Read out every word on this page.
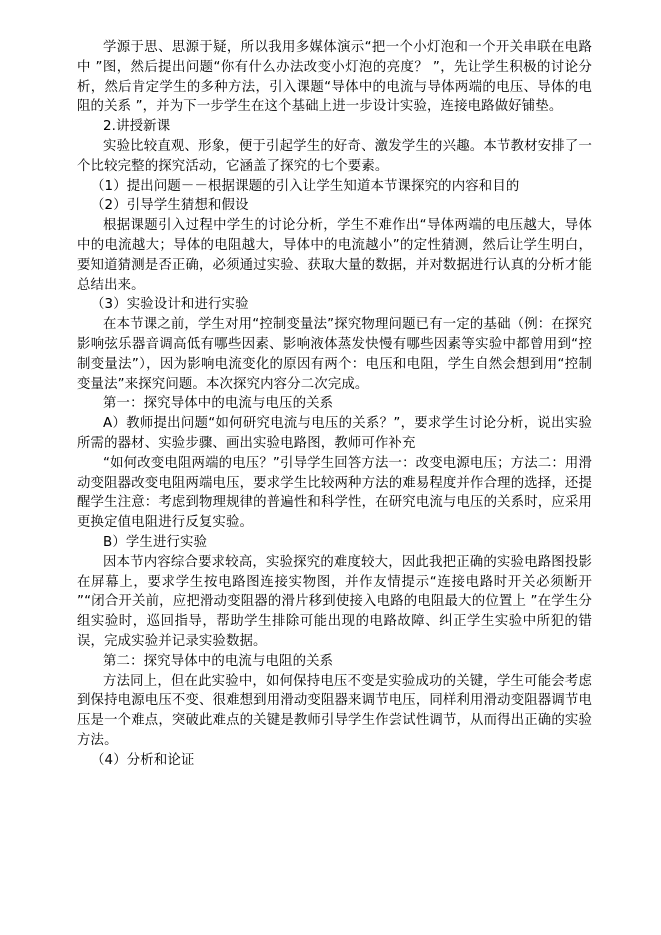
学源于思、思源于疑，所以我用多媒体演示“把一个小灯泡和一个开关串联在电路中 ”图，然后提出问题“你有什么办法改变小灯泡的亮度？ ”，先让学生积极的讨论分析，然后肯定学生的多种方法，引入课题“导体中的电流与导体两端的电压、导体的电阻的关系 ”，并为下一步学生在这个基础上进一步设计实验，连接电路做好铺垫。

2.讲授新课

实验比较直观、形象，便于引起学生的好奇、激发学生的兴趣。本节教材安排了一个比较完整的探究活动，它涵盖了探究的七个要素。

（1）提出问题－－根据课题的引入让学生知道本节课探究的内容和目的

（2）引导学生猜想和假设

根据课题引入过程中学生的讨论分析，学生不难作出“导体两端的电压越大，导体中的电流越大；导体的电阻越大，导体中的电流越小”的定性猜测，然后让学生明白，要知道猜测是否正确，必须通过实验、获取大量的数据，并对数据进行认真的分析才能总结出来。

（3）实验设计和进行实验

在本节课之前，学生对用“控制变量法”探究物理问题已有一定的基础（例：在探究影响弦乐器音调高低有哪些因素、影响液体蒸发快慢有哪些因素等实验中都曾用到“控制变量法”），因为影响电流变化的原因有两个：电压和电阻，学生自然会想到用“控制变量法”来探究问题。本次探究内容分二次完成。

第一：探究导体中的电流与电压的关系

A）教师提出问题“如何研究电流与电压的关系？”，要求学生讨论分析，说出实验所需的器材、实验步骤、画出实验电路图，教师可作补充

“如何改变电阻两端的电压？”引导学生回答方法一：改变电源电压；方法二：用滑动变阻器改变电阻两端电压，要求学生比较两种方法的难易程度并作合理的选择，还提醒学生注意：考虑到物理规律的普遍性和科学性，在研究电流与电压的关系时，应采用更换定值电阻进行反复实验。

B）学生进行实验

因本节内容综合要求较高，实验探究的难度较大，因此我把正确的实验电路图投影在屏幕上，要求学生按电路图连接实物图，并作友情提示“连接电路时开关必须断开 ”“闭合开关前，应把滑动变阻器的滑片移到使接入电路的电阻最大的位置上 ”在学生分组实验时，巡回指导，帮助学生排除可能出现的电路故障、纠正学生实验中所犯的错误，完成实验并记录实验数据。

第二：探究导体中的电流与电阻的关系

方法同上，但在此实验中，如何保持电压不变是实验成功的关键，学生可能会考虑到保持电源电压不变、很难想到用滑动变阻器来调节电压，同样利用滑动变阻器调节电压是一个难点，突破此难点的关键是教师引导学生作尝试性调节，从而得出正确的实验方法。

（4）分析和论证
